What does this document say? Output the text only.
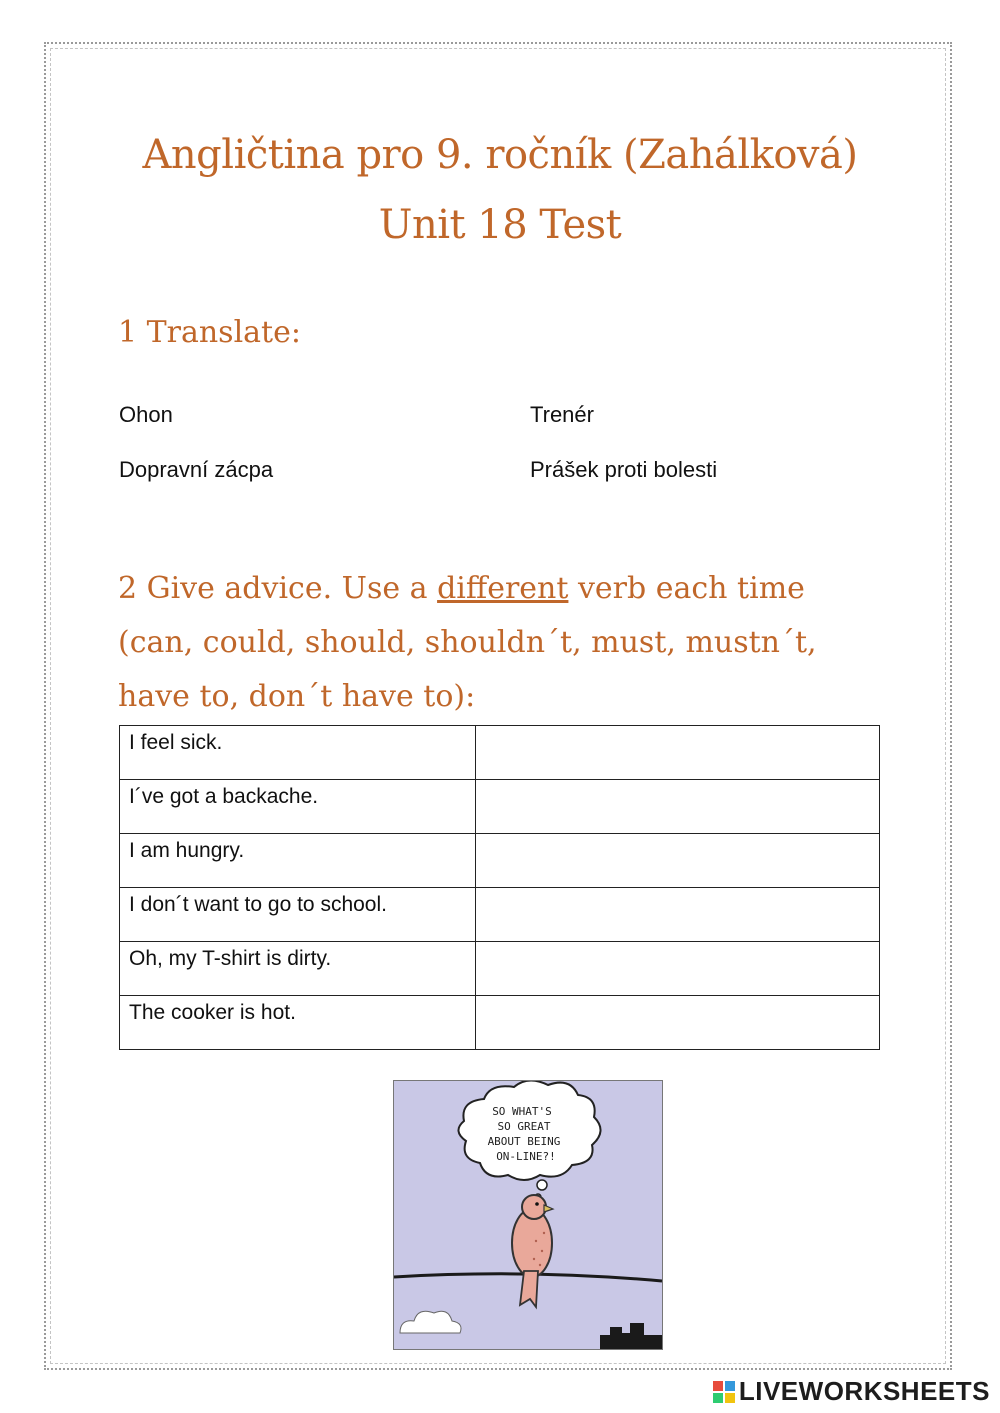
Angličtina pro 9. ročník (Zahálková)
Unit 18 Test
1 Translate:
Ohon	Trenér
Dopravní zácpa	Prášek proti bolesti
2 Give advice. Use a different verb each time (can, could, should, shouldn´t, must, mustn´t, have to, don´t have to):
I feel sick.	
I´ve got a backache.	
I am hungry.	
I don´t want to go to school.	
Oh, my T-shirt is dirty.	
The cooker is hot.	
SO WHAT'S
SO GREAT
ABOUT BEING
ON-LINE?!
LIVEWORKSHEETS
